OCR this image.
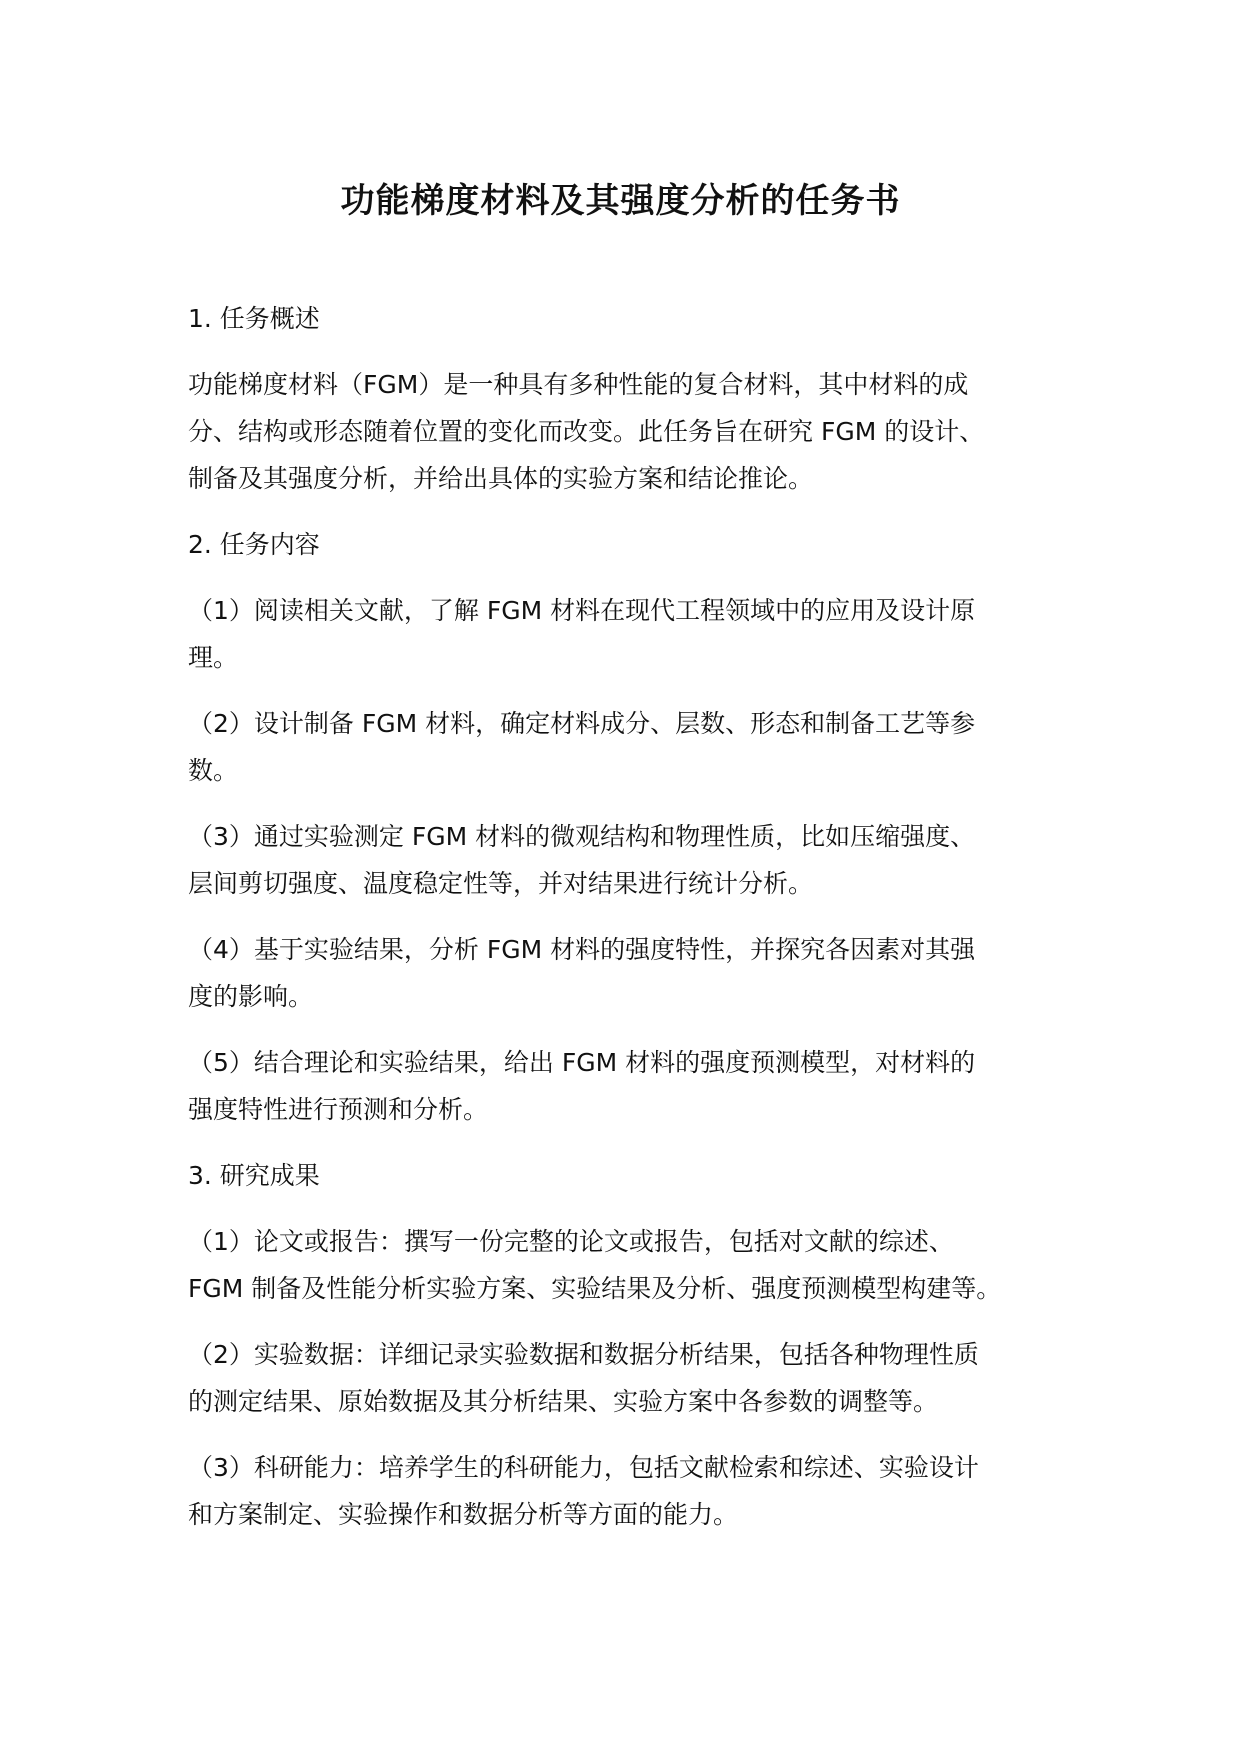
功能梯度材料及其强度分析的任务书
1. 任务概述
功能梯度材料（FGM）是一种具有多种性能的复合材料，其中材料的成
分、结构或形态随着位置的变化而改变。此任务旨在研究 FGM 的设计、
制备及其强度分析，并给出具体的实验方案和结论推论。
2. 任务内容
（1）阅读相关文献，了解 FGM 材料在现代工程领域中的应用及设计原
理。
（2）设计制备 FGM 材料，确定材料成分、层数、形态和制备工艺等参
数。
（3）通过实验测定 FGM 材料的微观结构和物理性质，比如压缩强度、
层间剪切强度、温度稳定性等，并对结果进行统计分析。
（4）基于实验结果，分析 FGM 材料的强度特性，并探究各因素对其强
度的影响。
（5）结合理论和实验结果，给出 FGM 材料的强度预测模型，对材料的
强度特性进行预测和分析。
3. 研究成果
（1）论文或报告：撰写一份完整的论文或报告，包括对文献的综述、
FGM 制备及性能分析实验方案、实验结果及分析、强度预测模型构建等。
（2）实验数据：详细记录实验数据和数据分析结果，包括各种物理性质
的测定结果、原始数据及其分析结果、实验方案中各参数的调整等。
（3）科研能力：培养学生的科研能力，包括文献检索和综述、实验设计
和方案制定、实验操作和数据分析等方面的能力。
